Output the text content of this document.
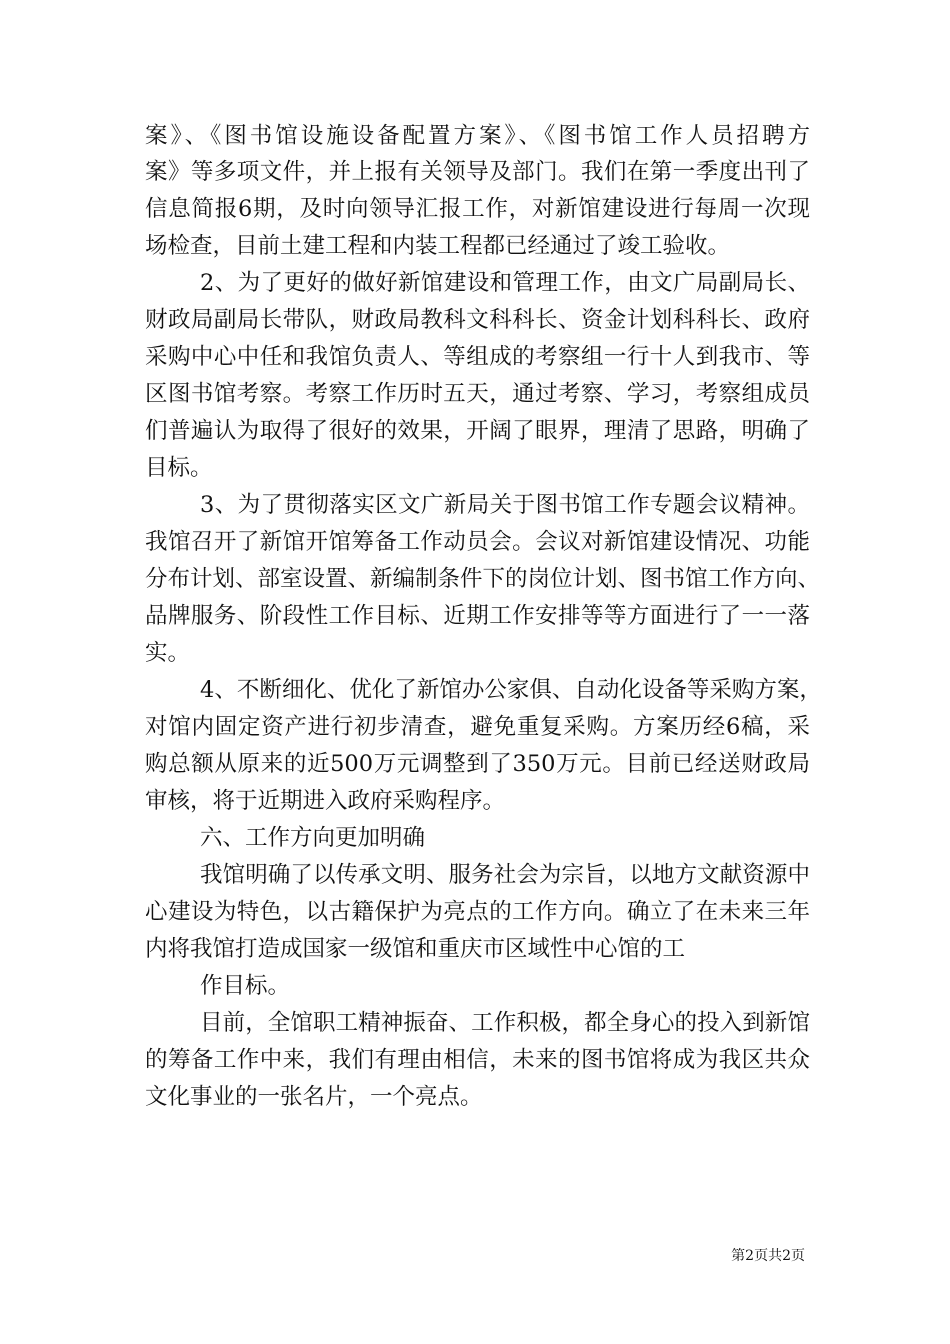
案》、《图书馆设施设备配置方案》、《图书馆工作人员招聘方
案》等多项文件，并上报有关领导及部门。我们在第一季度出刊了
信息简报6期，及时向领导汇报工作，对新馆建设进行每周一次现
场检查，目前土建工程和内装工程都已经通过了竣工验收。
2、为了更好的做好新馆建设和管理工作，由文广局副局长、
财政局副局长带队，财政局教科文科科长、资金计划科科长、政府
采购中心中任和我馆负责人、等组成的考察组一行十人到我市、等
区图书馆考察。考察工作历时五天，通过考察、学习，考察组成员
们普遍认为取得了很好的效果，开阔了眼界，理清了思路，明确了
目标。
3、为了贯彻落实区文广新局关于图书馆工作专题会议精神。
我馆召开了新馆开馆筹备工作动员会。会议对新馆建设情况、功能
分布计划、部室设置、新编制条件下的岗位计划、图书馆工作方向、
品牌服务、阶段性工作目标、近期工作安排等等方面进行了一一落
实。
4、不断细化、优化了新馆办公家俱、自动化设备等采购方案，
对馆内固定资产进行初步清查，避免重复采购。方案历经6稿，采
购总额从原来的近500万元调整到了350万元。目前已经送财政局
审核，将于近期进入政府采购程序。
六、工作方向更加明确
我馆明确了以传承文明、服务社会为宗旨，以地方文献资源中
心建设为特色，以古籍保护为亮点的工作方向。确立了在未来三年
内将我馆打造成国家一级馆和重庆市区域性中心馆的工
作目标。
目前，全馆职工精神振奋、工作积极，都全身心的投入到新馆
的筹备工作中来，我们有理由相信，未来的图书馆将成为我区共众
文化事业的一张名片，一个亮点。
第2页共2页
